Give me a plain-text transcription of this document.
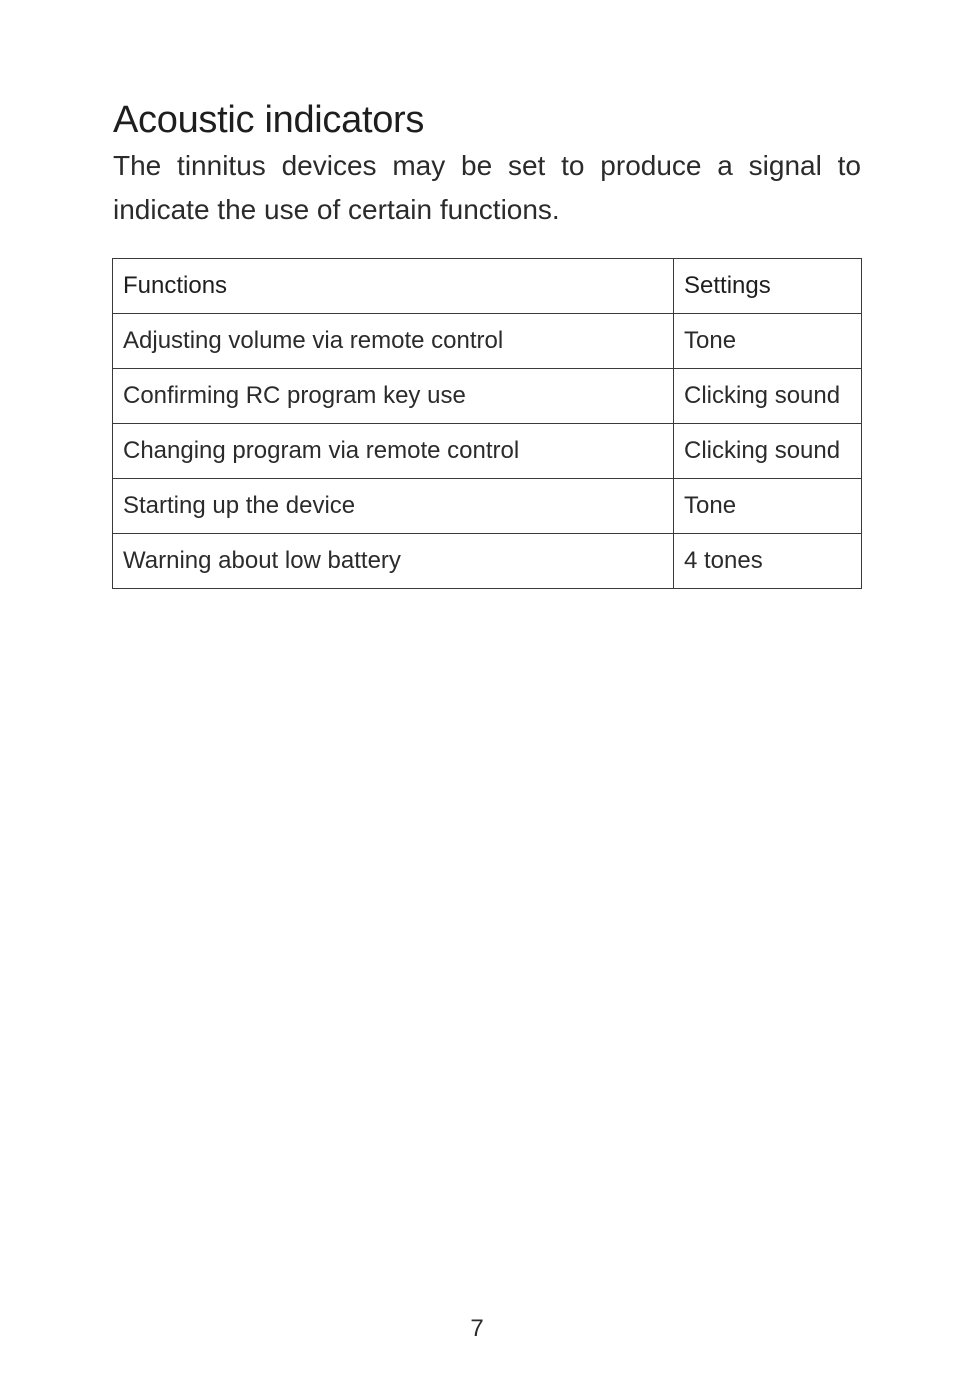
Acoustic indicators

The tinnitus devices may be set to produce a signal to indicate the use of certain functions.

Functions	Settings
Adjusting volume via remote control	Tone
Confirming RC program key use	Clicking sound
Changing program via remote control	Clicking sound
Starting up the device	Tone
Warning about low battery	4 tones
7
